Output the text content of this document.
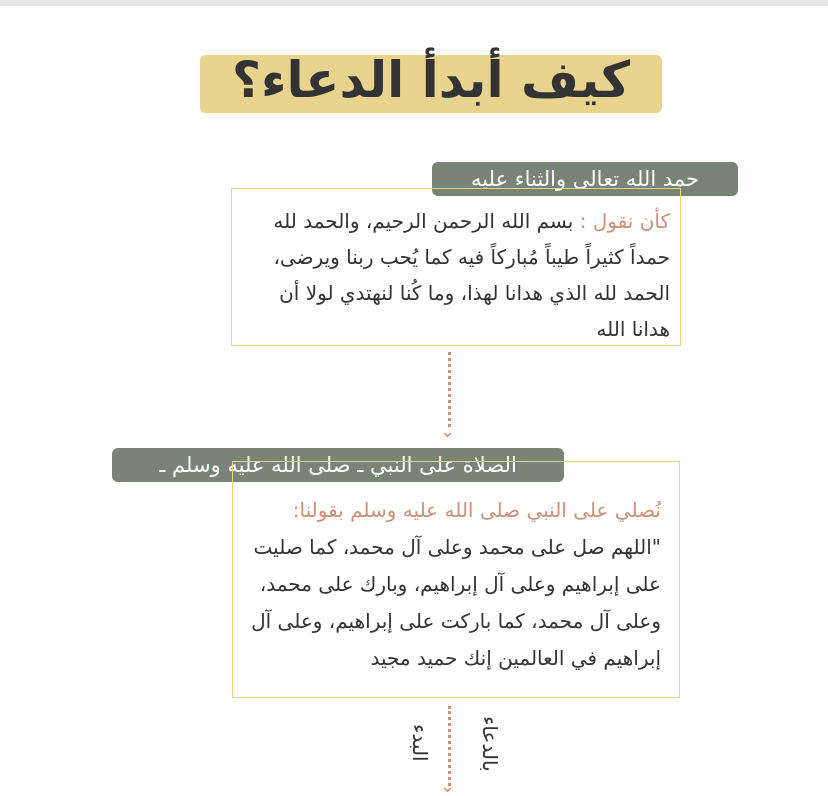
كيف أبدأ الدعاء؟
حمد الله تعالى والثناء عليه
كأن نقول : بسم الله الرحمن الرحيم، والحمد لله حمداً كثيراً طيباً مُباركاً فيه كما يُحب ربنا ويرضى، الحمد لله الذي هدانا لهذا، وما كُنا لنهتدي لولا أن هدانا الله
⌄
الصلاة على النبي ـ صلى الله عليه وسلم ـ
نُصلي على النبي صلى الله عليه وسلم بقولنا: "اللهم صل على محمد وعلى آل محمد، كما صليت على إبراهيم وعلى آل إبراهيم، وبارك على محمد، وعلى آل محمد، كما باركت على إبراهيم، وعلى آل إبراهيم في العالمين إنك حميد مجيد
⌄
البدء بالدعاء
